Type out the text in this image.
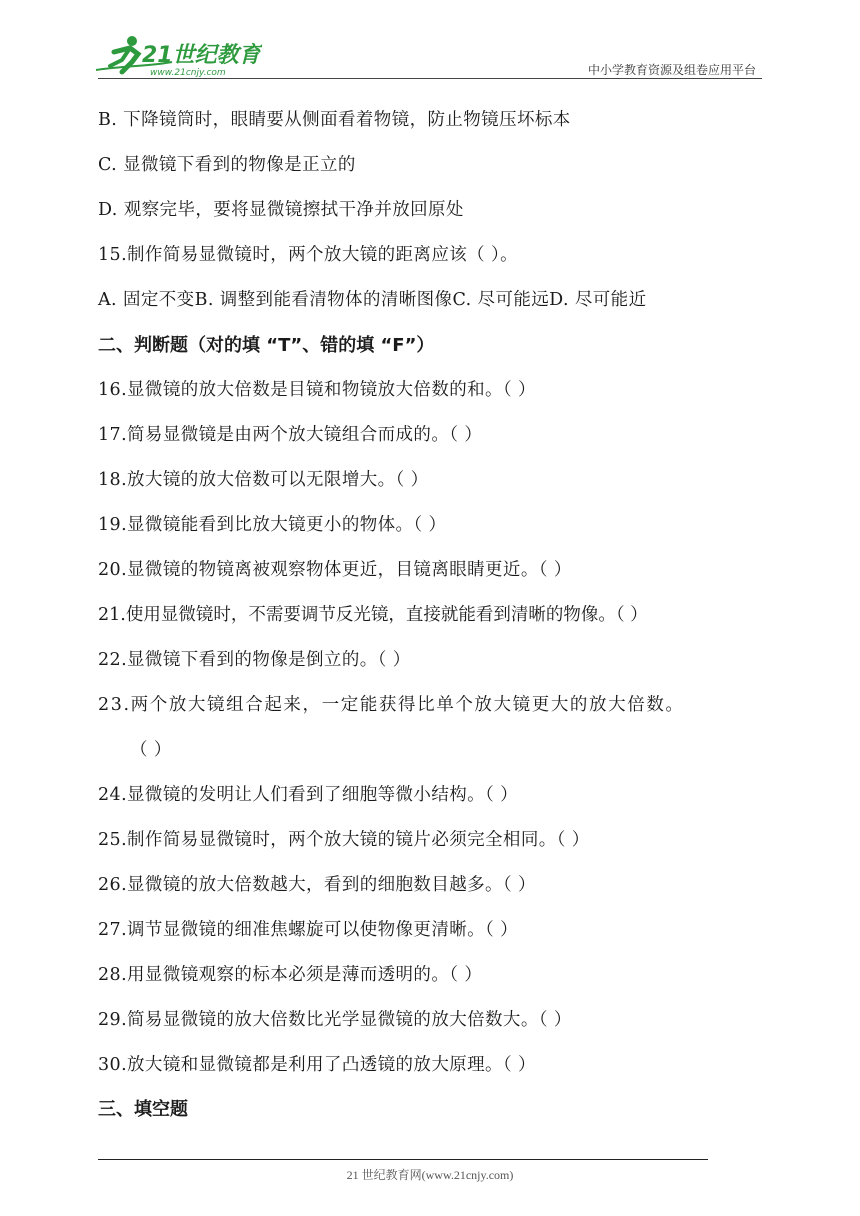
21世纪教育
www.21cnjy.com	中小学教育资源及组卷应用平台
B. 下降镜筒时，眼睛要从侧面看着物镜，防止物镜压坏标本
C. 显微镜下看到的物像是正立的
D. 观察完毕，要将显微镜擦拭干净并放回原处
15.制作简易显微镜时，两个放大镜的距离应该（ ）。
A. 固定不变B. 调整到能看清物体的清晰图像C. 尽可能远D. 尽可能近
二、判断题（对的填 “T”、错的填 “F”）
16.显微镜的放大倍数是目镜和物镜放大倍数的和。（ ）
17.简易显微镜是由两个放大镜组合而成的。（ ）
18.放大镜的放大倍数可以无限增大。（ ）
19.显微镜能看到比放大镜更小的物体。（ ）
20.显微镜的物镜离被观察物体更近，目镜离眼睛更近。（ ）
21.使用显微镜时，不需要调节反光镜，直接就能看到清晰的物像。（ ）
22.显微镜下看到的物像是倒立的。（ ）
23.两个放大镜组合起来，一定能获得比单个放大镜更大的放大倍数。
（ ）
24.显微镜的发明让人们看到了细胞等微小结构。（ ）
25.制作简易显微镜时，两个放大镜的镜片必须完全相同。（ ）
26.显微镜的放大倍数越大，看到的细胞数目越多。（ ）
27.调节显微镜的细准焦螺旋可以使物像更清晰。（ ）
28.用显微镜观察的标本必须是薄而透明的。（ ）
29.简易显微镜的放大倍数比光学显微镜的放大倍数大。（ ）
30.放大镜和显微镜都是利用了凸透镜的放大原理。（ ）
三、填空题
21 世纪教育网(www.21cnjy.com)
